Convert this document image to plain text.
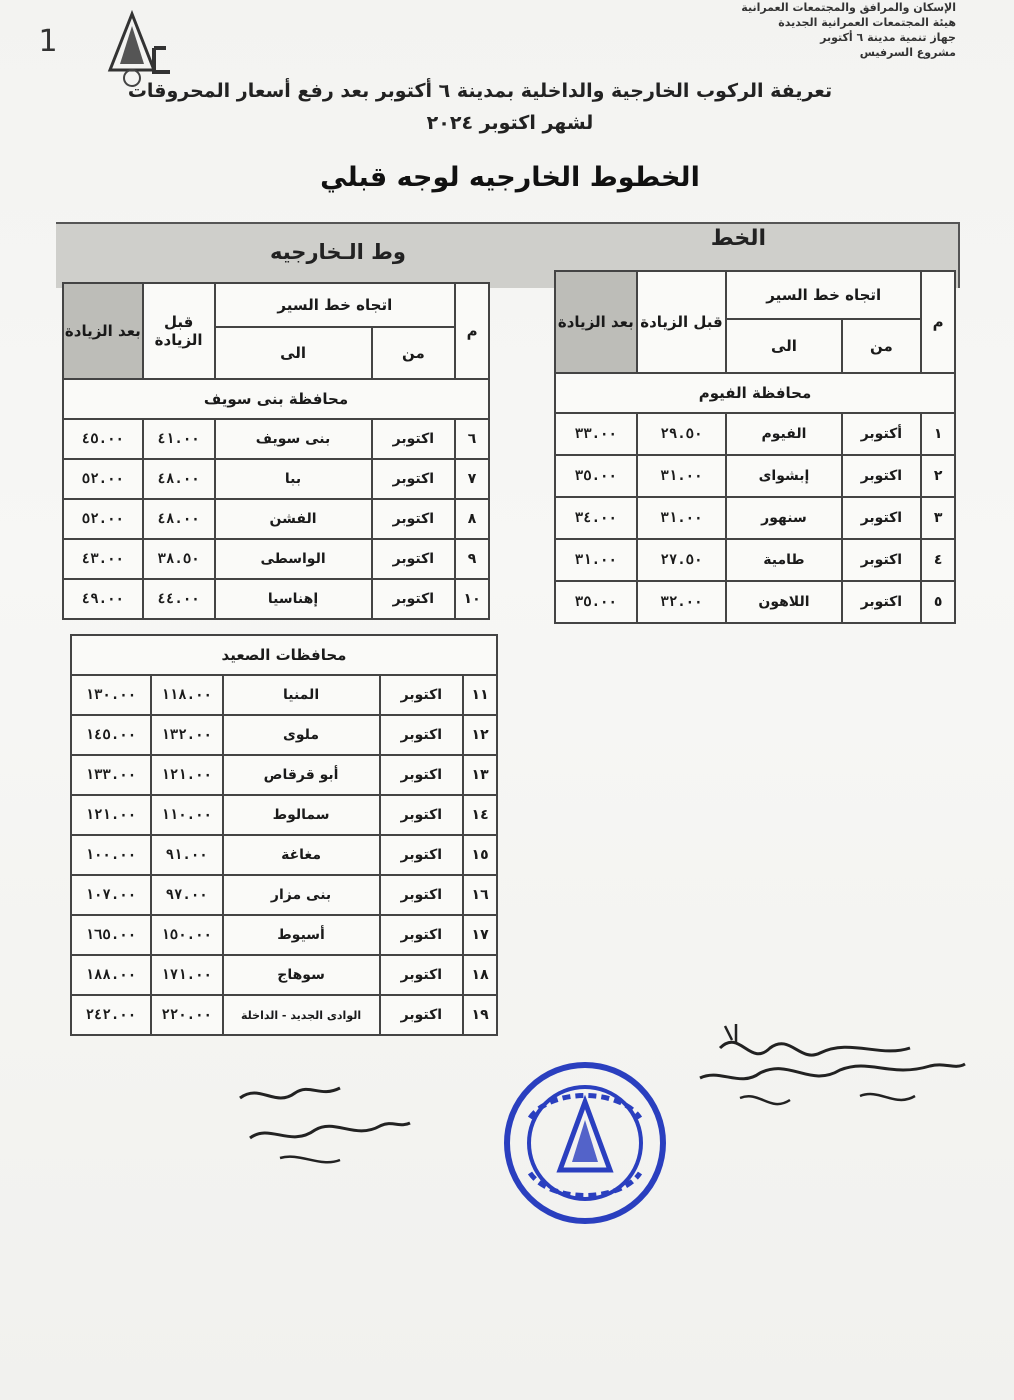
1
الإسكان والمرافق والمجتمعات العمرانية
هيئة المجتمعات العمرانية الجديدة
جهاز تنمية مدينة ٦ أكتوبر
مشروع السرفيس
تعريفة الركوب الخارجية والداخلية بمدينة ٦ أكتوبر بعد رفع أسعار المحروقات
لشهر اكتوبر ٢٠٢٤
الخطوط الخارجيه لوجه قبلي
الخط
وط الـخارجيه
م	اتجاه خط السير		قبل الزيادة	بعد الزيادة
	من	الى		
محافظة الفيوم				
١	أكتوبر	الفيوم	٢٩.٥٠	٣٣.٠٠
٢	اكتوبر	إبشواى	٣١.٠٠	٣٥.٠٠
٣	اكتوبر	سنهور	٣١.٠٠	٣٤.٠٠
٤	اكتوبر	طامية	٢٧.٥٠	٣١.٠٠
٥	اكتوبر	اللاهون	٣٢.٠٠	٣٥.٠٠
م	اتجاه خط السير		قبل الزيادة	بعد الزيادة
	من	الى		
محافظة بنى سويف				
٦	اكتوبر	بنى سويف	٤١.٠٠	٤٥.٠٠
٧	اكتوبر	ببا	٤٨.٠٠	٥٢.٠٠
٨	اكتوبر	الفشن	٤٨.٠٠	٥٢.٠٠
٩	اكتوبر	الواسطى	٣٨.٥٠	٤٣.٠٠
١٠	اكتوبر	إهناسيا	٤٤.٠٠	٤٩.٠٠
محافظات الصعيد				
١١	اكتوبر	المنيا	١١٨.٠٠	١٣٠.٠٠
١٢	اكتوبر	ملوى	١٣٢.٠٠	١٤٥.٠٠
١٣	اكتوبر	أبو قرقاص	١٢١.٠٠	١٣٣.٠٠
١٤	اكتوبر	سمالوط	١١٠.٠٠	١٢١.٠٠
١٥	اكتوبر	مغاغة	٩١.٠٠	١٠٠.٠٠
١٦	اكتوبر	بنى مزار	٩٧.٠٠	١٠٧.٠٠
١٧	اكتوبر	أسيوط	١٥٠.٠٠	١٦٥.٠٠
١٨	اكتوبر	سوهاج	١٧١.٠٠	١٨٨.٠٠
١٩	اكتوبر	الوادى الجديد - الداخلة	٢٢٠.٠٠	٢٤٢.٠٠
